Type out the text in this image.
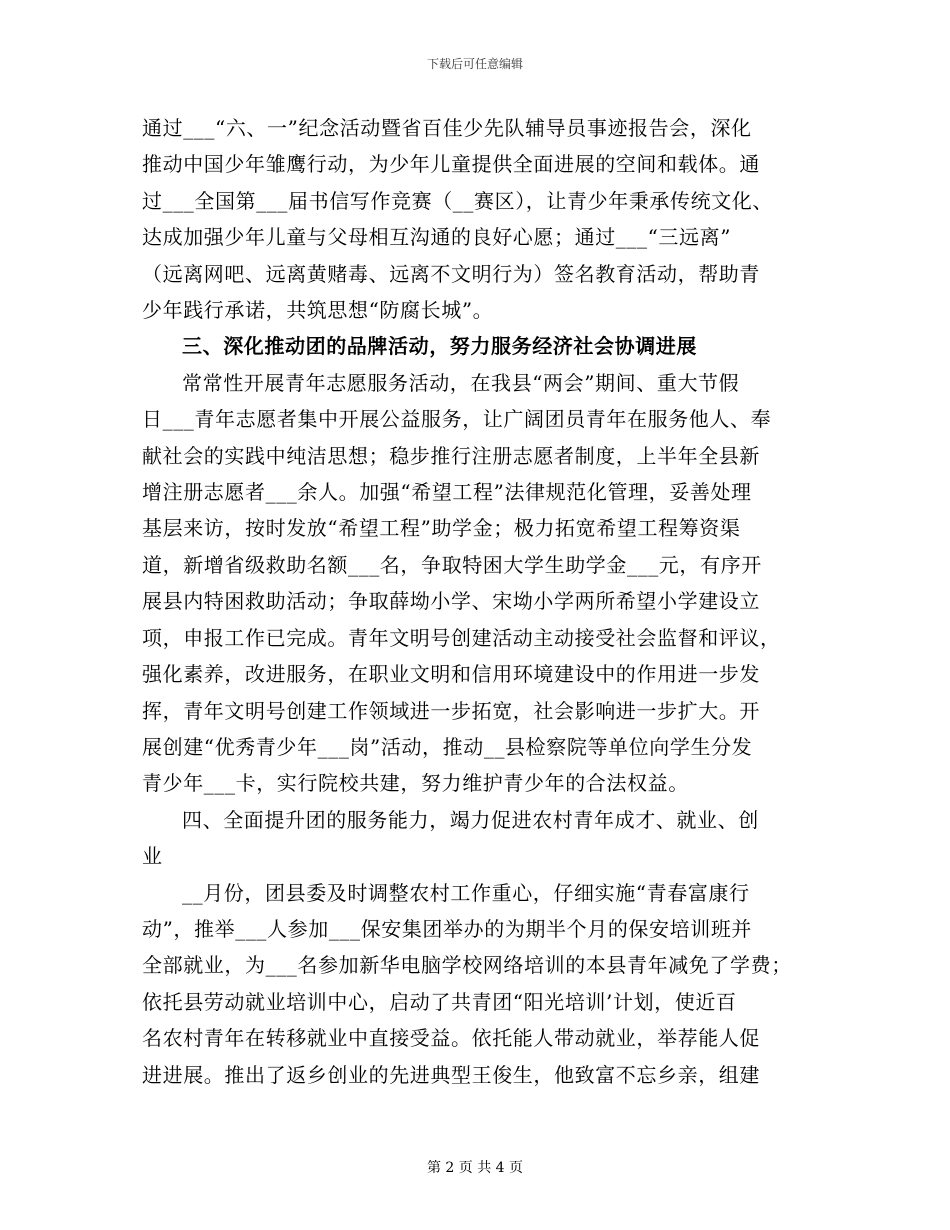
下载后可任意编辑
通过___“六、一”纪念活动暨省百佳少先队辅导员事迹报告会，深化
推动中国少年雏鹰行动，为少年儿童提供全面进展的空间和载体。通
过___全国第___届书信写作竞赛（__赛区），让青少年秉承传统文化、
达成加强少年儿童与父母相互沟通的良好心愿；通过___“三远离”
（远离网吧、远离黄赌毒、远离不文明行为）签名教育活动，帮助青
少年践行承诺，共筑思想“防腐长城”。
三、深化推动团的品牌活动，努力服务经济社会协调进展
常常性开展青年志愿服务活动，在我县“两会”期间、重大节假
日___青年志愿者集中开展公益服务，让广阔团员青年在服务他人、奉
献社会的实践中纯洁思想；稳步推行注册志愿者制度，上半年全县新
增注册志愿者___余人。加强“希望工程”法律规范化管理，妥善处理
基层来访，按时发放“希望工程”助学金；极力拓宽希望工程筹资渠
道，新增省级救助名额___名，争取特困大学生助学金___元，有序开
展县内特困救助活动；争取薛坳小学、宋坳小学两所希望小学建设立
项，申报工作已完成。青年文明号创建活动主动接受社会监督和评议，
强化素养，改进服务，在职业文明和信用环境建设中的作用进一步发
挥，青年文明号创建工作领域进一步拓宽，社会影响进一步扩大。开
展创建“优秀青少年___岗”活动，推动__县检察院等单位向学生分发
青少年___卡，实行院校共建，努力维护青少年的合法权益。
四、全面提升团的服务能力，竭力促进农村青年成才、就业、创
业
__月份，团县委及时调整农村工作重心，仔细实施“青春富康行
动”，推举___人参加___保安集团举办的为期半个月的保安培训班并
全部就业，为___名参加新华电脑学校网络培训的本县青年减免了学费；
依托县劳动就业培训中心，启动了共青团“阳光培训’计划，使近百
名农村青年在转移就业中直接受益。依托能人带动就业，举荐能人促
进进展。推出了返乡创业的先进典型王俊生，他致富不忘乡亲，组建
第 2 页 共 4 页
